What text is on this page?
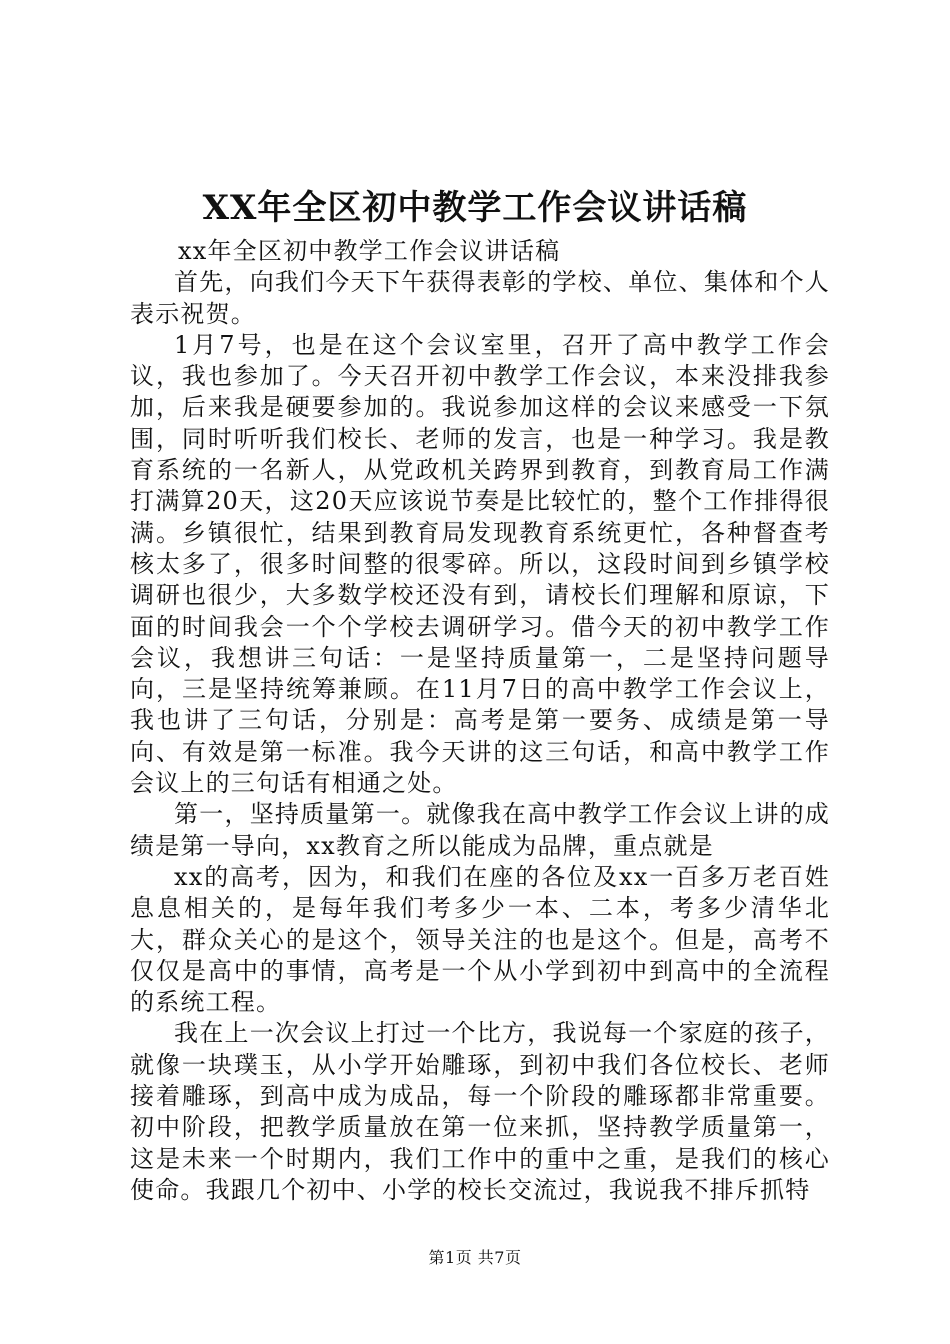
XX年全区初中教学工作会议讲话稿

xx年全区初中教学工作会议讲话稿

首先，向我们今天下午获得表彰的学校、单位、集体和个人表示祝贺。

1月7号，也是在这个会议室里，召开了高中教学工作会议，我也参加了。今天召开初中教学工作会议，本来没排我参加，后来我是硬要参加的。我说参加这样的会议来感受一下氛围，同时听听我们校长、老师的发言，也是一种学习。我是教育系统的一名新人，从党政机关跨界到教育，到教育局工作满打满算20天，这20天应该说节奏是比较忙的，整个工作排得很满。乡镇很忙，结果到教育局发现教育系统更忙，各种督查考核太多了，很多时间整的很零碎。所以，这段时间到乡镇学校调研也很少，大多数学校还没有到，请校长们理解和原谅，下面的时间我会一个个学校去调研学习。借今天的初中教学工作会议，我想讲三句话：一是坚持质量第一，二是坚持问题导向，三是坚持统筹兼顾。在11月7日的高中教学工作会议上，我也讲了三句话，分别是：高考是第一要务、成绩是第一导向、有效是第一标准。我今天讲的这三句话，和高中教学工作会议上的三句话有相通之处。

第一，坚持质量第一。就像我在高中教学工作会议上讲的成绩是第一导向，xx教育之所以能成为品牌，重点就是

xx的高考，因为，和我们在座的各位及xx一百多万老百姓息息相关的，是每年我们考多少一本、二本，考多少清华北大，群众关心的是这个，领导关注的也是这个。但是，高考不仅仅是高中的事情，高考是一个从小学到初中到高中的全流程的系统工程。

我在上一次会议上打过一个比方，我说每一个家庭的孩子，就像一块璞玉，从小学开始雕琢，到初中我们各位校长、老师接着雕琢，到高中成为成品，每一个阶段的雕琢都非常重要。初中阶段，把教学质量放在第一位来抓，坚持教学质量第一，这是未来一个时期内，我们工作中的重中之重，是我们的核心使命。我跟几个初中、小学的校长交流过，我说我不排斥抓特

第1页 共7页
